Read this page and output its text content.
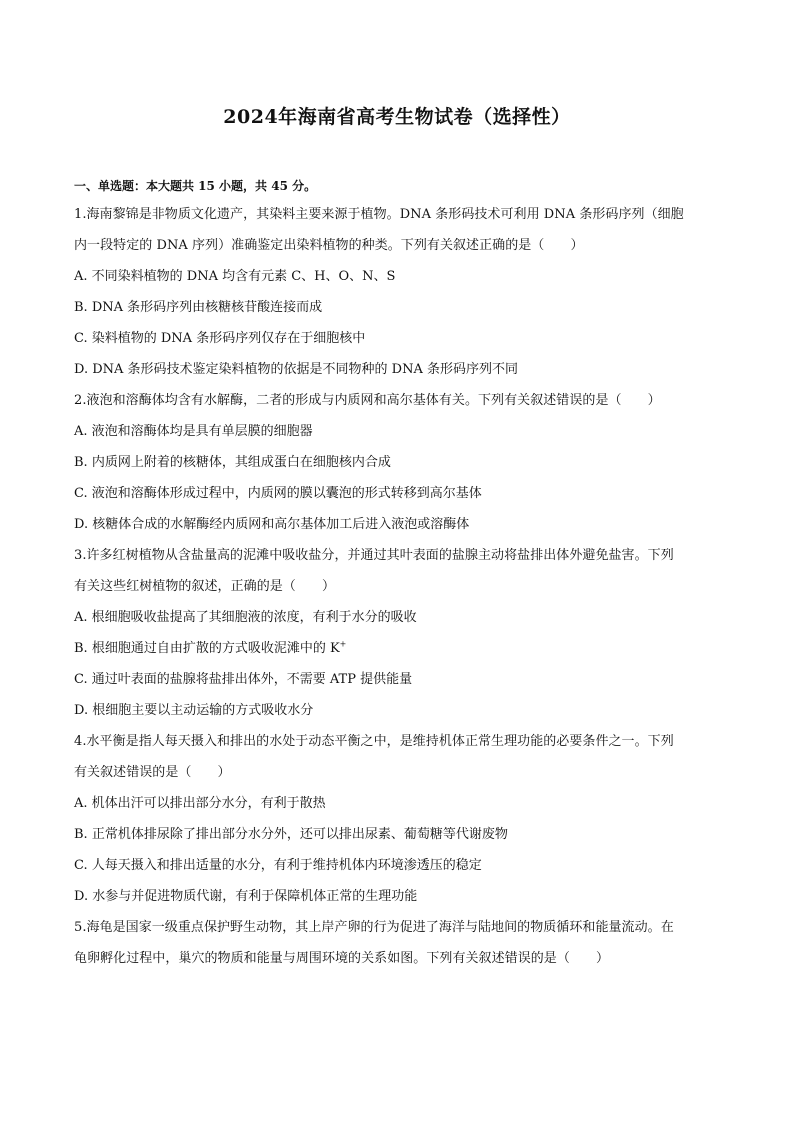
2024年海南省高考生物试卷（选择性）
一、单选题：本大题共 15 小题，共 45 分。
1.海南黎锦是非物质文化遗产，其染料主要来源于植物。DNA 条形码技术可利用 DNA 条形码序列（细胞
内一段特定的 DNA 序列）准确鉴定出染料植物的种类。下列有关叙述正确的是（　　）
A. 不同染料植物的 DNA 均含有元素 C、H、O、N、S
B. DNA 条形码序列由核糖核苷酸连接而成
C. 染料植物的 DNA 条形码序列仅存在于细胞核中
D. DNA 条形码技术鉴定染料植物的依据是不同物种的 DNA 条形码序列不同
2.液泡和溶酶体均含有水解酶，二者的形成与内质网和高尔基体有关。下列有关叙述错误的是（　　）
A. 液泡和溶酶体均是具有单层膜的细胞器
B. 内质网上附着的核糖体，其组成蛋白在细胞核内合成
C. 液泡和溶酶体形成过程中，内质网的膜以囊泡的形式转移到高尔基体
D. 核糖体合成的水解酶经内质网和高尔基体加工后进入液泡或溶酶体
3.许多红树植物从含盐量高的泥滩中吸收盐分，并通过其叶表面的盐腺主动将盐排出体外避免盐害。下列
有关这些红树植物的叙述，正确的是（　　）
A. 根细胞吸收盐提高了其细胞液的浓度，有利于水分的吸收
B. 根细胞通过自由扩散的方式吸收泥滩中的 K+
C. 通过叶表面的盐腺将盐排出体外，不需要 ATP 提供能量
D. 根细胞主要以主动运输的方式吸收水分
4.水平衡是指人每天摄入和排出的水处于动态平衡之中，是维持机体正常生理功能的必要条件之一。下列
有关叙述错误的是（　　）
A. 机体出汗可以排出部分水分，有利于散热
B. 正常机体排尿除了排出部分水分外，还可以排出尿素、葡萄糖等代谢废物
C. 人每天摄入和排出适量的水分，有利于维持机体内环境渗透压的稳定
D. 水参与并促进物质代谢，有利于保障机体正常的生理功能
5.海龟是国家一级重点保护野生动物，其上岸产卵的行为促进了海洋与陆地间的物质循环和能量流动。在
龟卵孵化过程中，巢穴的物质和能量与周围环境的关系如图。下列有关叙述错误的是（　　）
